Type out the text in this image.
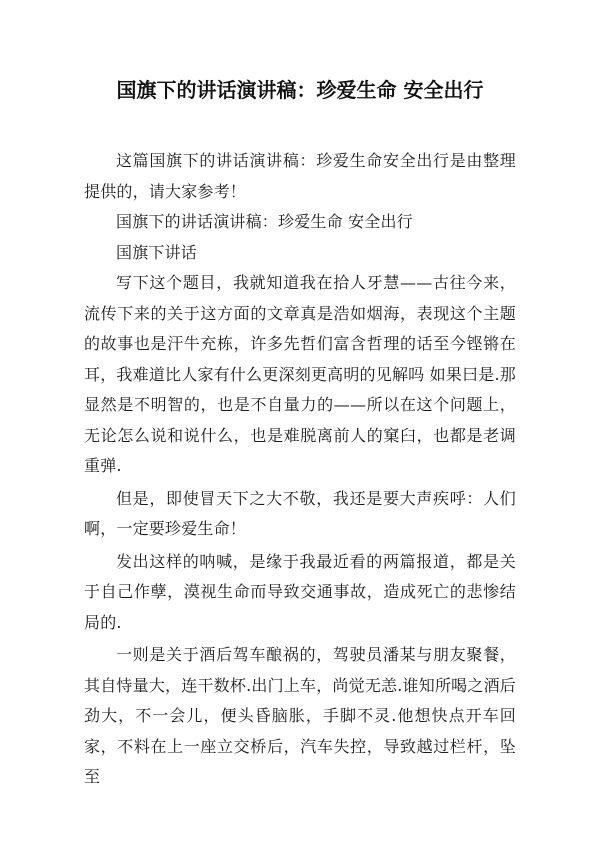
国旗下的讲话演讲稿：珍爱生命 安全出行

这篇国旗下的讲话演讲稿：珍爱生命安全出行是由整理提供的，请大家参考！

国旗下的讲话演讲稿：珍爱生命 安全出行

国旗下讲话

写下这个题目，我就知道我在拾人牙慧——古往今来，流传下来的关于这方面的文章真是浩如烟海，表现这个主题的故事也是汗牛充栋，许多先哲们富含哲理的话至今铿锵在耳，我难道比人家有什么更深刻更高明的见解吗 如果曰是.那显然是不明智的，也是不自量力的——所以在这个问题上，无论怎么说和说什么，也是难脱离前人的窠臼，也都是老调重弹.

但是，即使冒天下之大不敬，我还是要大声疾呼：人们啊，一定要珍爱生命！

发出这样的呐喊，是缘于我最近看的两篇报道，都是关于自己作孽，漠视生命而导致交通事故，造成死亡的悲惨结局的.

一则是关于酒后驾车酿祸的，驾驶员潘某与朋友聚餐，其自恃量大，连干数杯.出门上车，尚觉无恙.谁知所喝之酒后劲大，不一会儿，便头昏脑胀，手脚不灵.他想快点开车回家，不料在上一座立交桥后，汽车失控，导致越过栏杆，坠至
